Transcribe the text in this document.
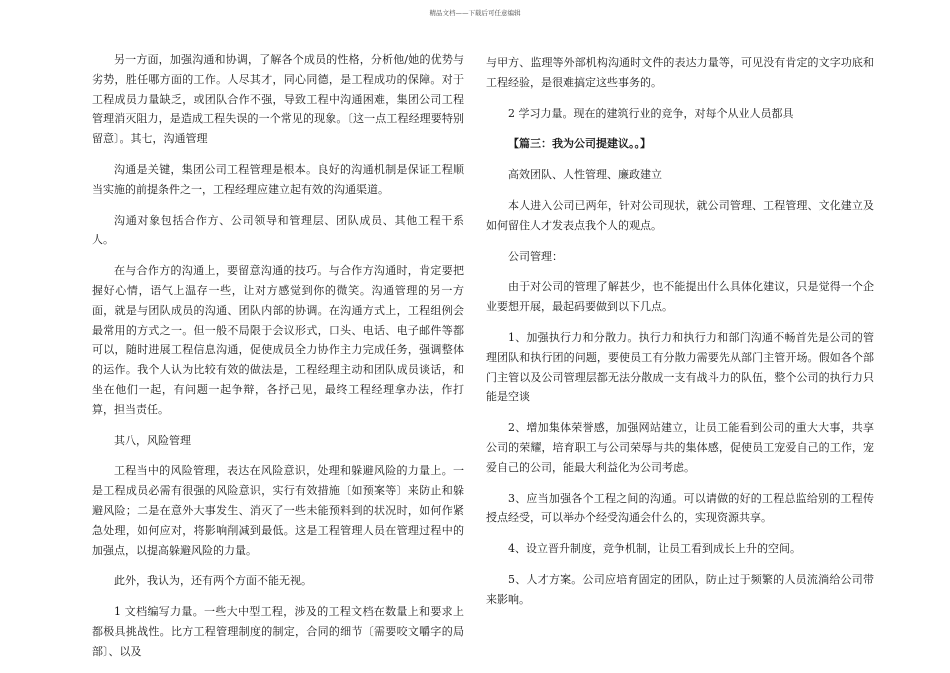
精品文档——下载后可任意编辑

另一方面，加强沟通和协调，了解各个成员的性格，分析他/她的优势与劣势，胜任哪方面的工作。人尽其才，同心同德，是工程成功的保障。对于工程成员力量缺乏，或团队合作不强，导致工程中沟通困难，集团公司工程管理消灭阻力，是造成工程失误的一个常见的现象。〔这一点工程经理要特别留意〕。其七，沟通管理

沟通是关键，集团公司工程管理是根本。良好的沟通机制是保证工程顺当实施的前提条件之一，工程经理应建立起有效的沟通渠道。

沟通对象包括合作方、公司领导和管理层、团队成员、其他工程干系人。

在与合作方的沟通上，要留意沟通的技巧。与合作方沟通时，肯定要把握好心情，语气上温存一些，让对方感觉到你的微笑。沟通管理的另一方面，就是与团队成员的沟通、团队内部的协调。在沟通方式上，工程组例会最常用的方式之一。但一般不局限于会议形式，口头、电话、电子邮件等都可以，随时进展工程信息沟通，促使成员全力协作主力完成任务，强调整体的运作。我个人认为比较有效的做法是，工程经理主动和团队成员谈话，和坐在他们一起，有问题一起争辩，各抒己见，最终工程经理拿办法，作打算，担当责任。

其八，风险管理

工程当中的风险管理，表达在风险意识，处理和躲避风险的力量上。一是工程成员必需有很强的风险意识，实行有效措施〔如预案等〕来防止和躲避风险；二是在意外大事发生、消灭了一些未能预料到的状况时，如何作紧急处理，如何应对，将影响削减到最低。这是工程管理人员在管理过程中的加强点，以提高躲避风险的力量。

此外，我认为，还有两个方面不能无视。

1 文档编写力量。一些大中型工程，涉及的工程文档在数量上和要求上都极具挑战性。比方工程管理制度的制定，合同的细节〔需要咬文嚼字的局部〕、以及

与甲方、监理等外部机构沟通时文件的表达力量等，可见没有肯定的文字功底和工程经验，是很难搞定这些事务的。

2 学习力量。现在的建筑行业的竞争，对每个从业人员都具

【篇三：我为公司提建议。。】

高效团队、人性管理、廉政建立

本人进入公司已两年，针对公司现状，就公司管理、工程管理、文化建立及如何留住人才发表点我个人的观点。

公司管理：

由于对公司的管理了解甚少，也不能提出什么具体化建议，只是觉得一个企业要想开展，最起码要做到以下几点。

1、加强执行力和分散力。执行力和执行力和部门沟通不畅首先是公司的管理团队和执行团的问题，要使员工有分散力需要先从部门主管开场。假如各个部门主管以及公司管理层都无法分散成一支有战斗力的队伍，整个公司的执行力只能是空谈

2、增加集体荣誉感，加强网站建立，让员工能看到公司的重大大事，共享公司的荣耀，培育职工与公司荣辱与共的集体感，促使员工宠爱自己的工作，宠爱自己的公司，能最大利益化为公司考虑。

3、应当加强各个工程之间的沟通。可以请做的好的工程总监给别的工程传授点经受，可以举办个经受沟通会什么的，实现资源共享。

4、设立晋升制度，竞争机制，让员工看到成长上升的空间。

5、人才方案。公司应培育固定的团队，防止过于频繁的人员流淌给公司带来影响。
